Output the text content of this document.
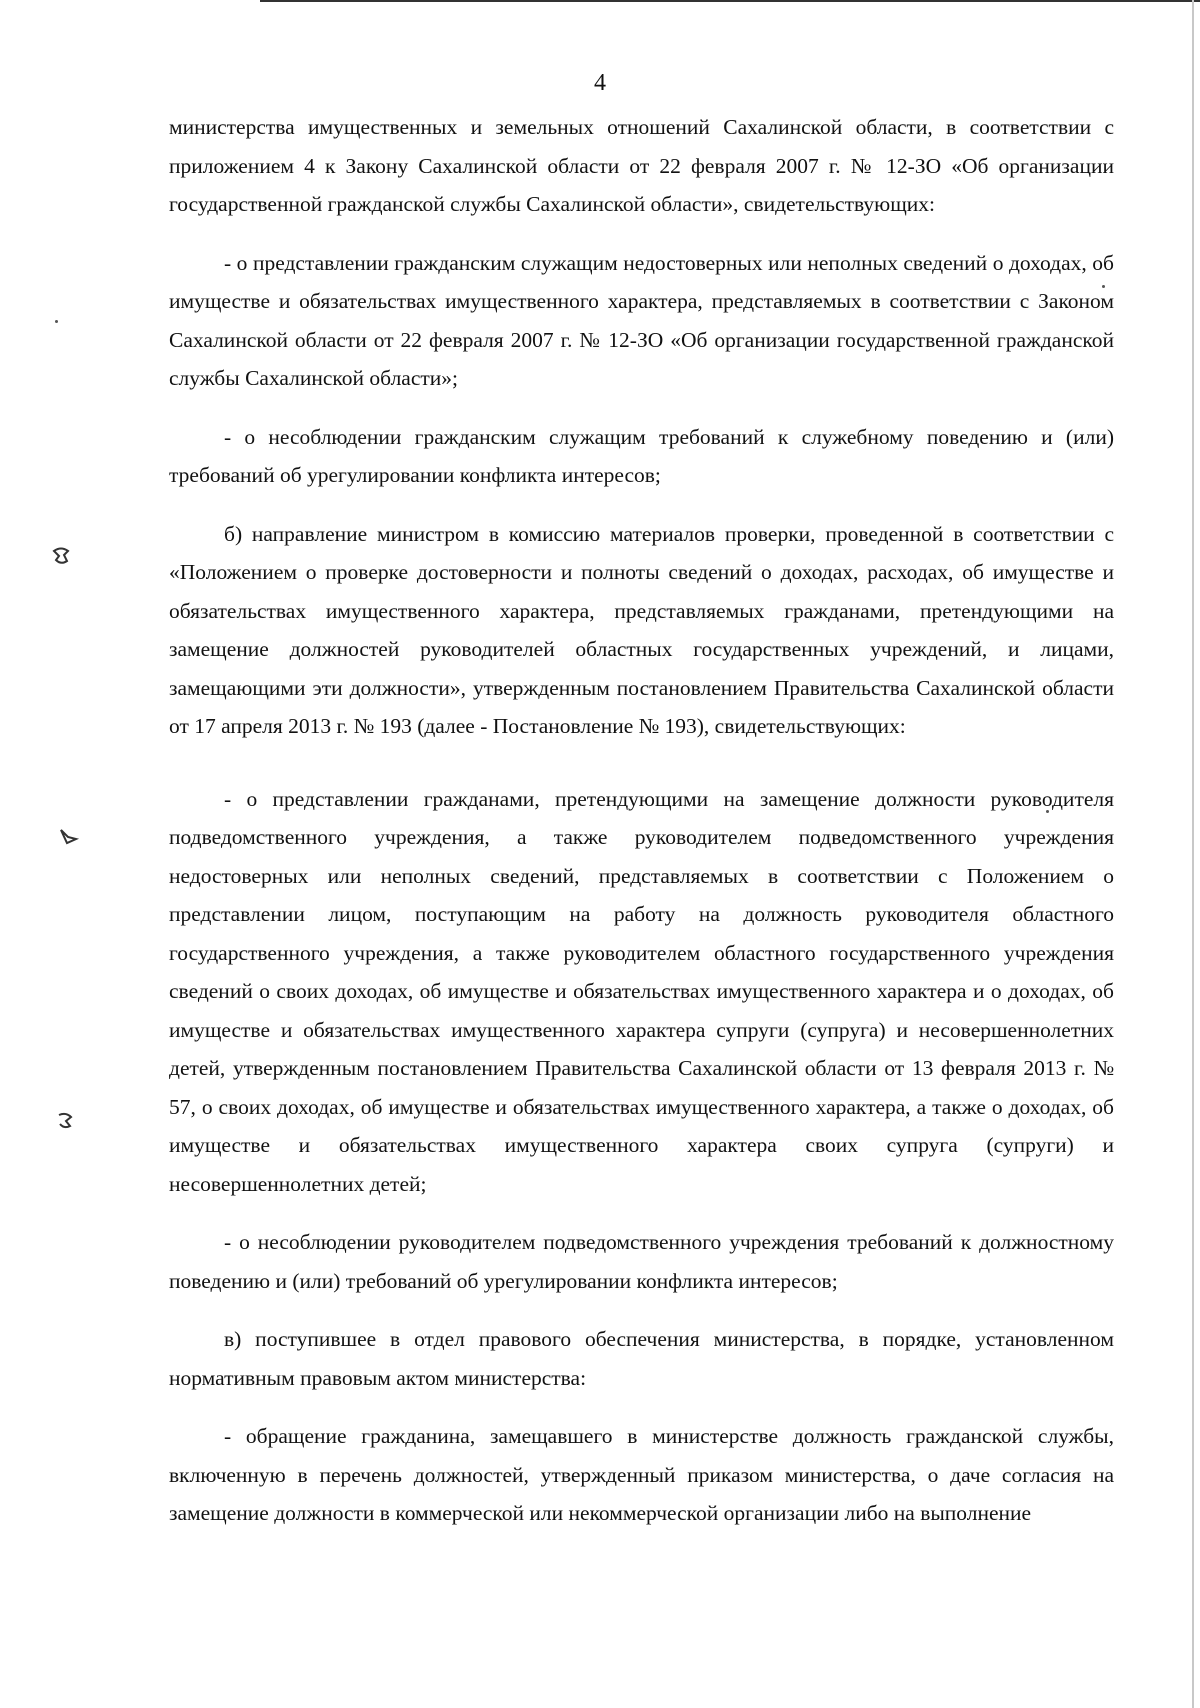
4

министерства имущественных и земельных отношений Сахалинской области, в соответствии с приложением 4 к Закону Сахалинской области от 22 февраля 2007 г. № 12-ЗО «Об организации государственной гражданской службы Сахалинской области», свидетельствующих:

- о представлении гражданским служащим недостоверных или неполных сведений о доходах, об имуществе и обязательствах имущественного характера, представляемых в соответствии с Законом Сахалинской области от 22 февраля 2007 г. № 12-ЗО «Об организации государственной гражданской службы Сахалинской области»;

- о несоблюдении гражданским служащим требований к служебному поведению и (или) требований об урегулировании конфликта интересов;

б) направление министром в комиссию материалов проверки, проведенной в соответствии с «Положением о проверке достоверности и полноты сведений о доходах, расходах, об имуществе и обязательствах имущественного характера, представляемых гражданами, претендующими на замещение должностей руководителей областных государственных учреждений, и лицами, замещающими эти должности», утвержденным постановлением Правительства Сахалинской области от 17 апреля 2013 г. № 193 (далее - Постановление № 193), свидетельствующих:

- о представлении гражданами, претендующими на замещение должности руководителя подведомственного учреждения, а также руководителем подведомственного учреждения недостоверных или неполных сведений, представляемых в соответствии с Положением о представлении лицом, поступающим на работу на должность руководителя областного государственного учреждения, а также руководителем областного государственного учреждения сведений о своих доходах, об имуществе и обязательствах имущественного характера и о доходах, об имуществе и обязательствах имущественного характера супруги (супруга) и несовершеннолетних детей, утвержденным постановлением Правительства Сахалинской области от 13 февраля 2013 г. № 57, о своих доходах, об имуществе и обязательствах имущественного характера, а также о доходах, об имуществе и обязательствах имущественного характера своих супруга (супруги) и несовершеннолетних детей;

- о несоблюдении руководителем подведомственного учреждения требований к должностному поведению и (или) требований об урегулировании конфликта интересов;

в) поступившее в отдел правового обеспечения министерства, в порядке, установленном нормативным правовым актом министерства:

- обращение гражданина, замещавшего в министерстве должность гражданской службы, включенную в перечень должностей, утвержденный приказом министерства, о даче согласия на замещение должности в коммерческой или некоммерческой организации либо на выполнение
